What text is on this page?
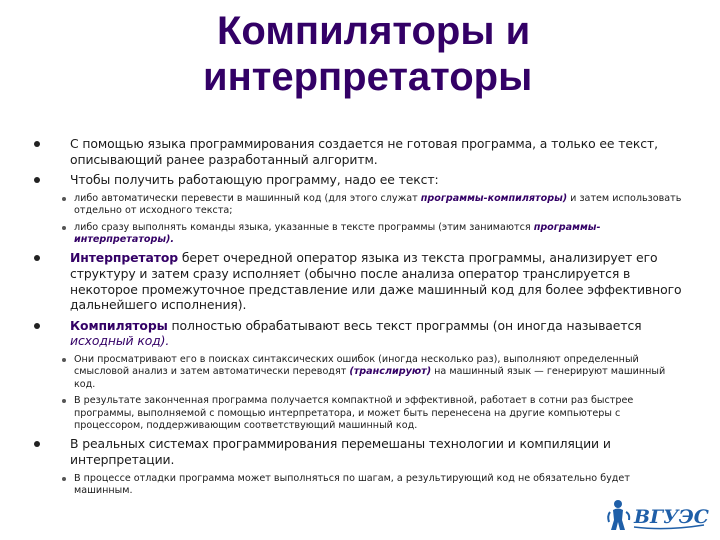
Компиляторы и
интерпретаторы
С помощью языка программирования создается не готовая программа, а только ее текст, описывающий ранее разработанный алгоритм.
Чтобы получить работающую программу, надо ее текст:
либо автоматически перевести в машинный код (для этого служат программы-компиляторы) и затем использовать отдельно от исходного текста;
либо сразу выполнять команды языка, указанные в тексте программы (этим занимаются программы-интерпретаторы).
Интерпретатор берет очередной оператор языка из текста программы, анализирует его структуру и затем сразу исполняет (обычно после анализа оператор транслируется в некоторое промежуточное представление или даже машинный код для более эффективного дальнейшего исполнения).
Компиляторы полностью обрабатывают весь текст программы (он иногда называется исходный код).
Они просматривают его в поисках синтаксических ошибок (иногда несколько раз), выполняют определенный смысловой анализ и затем автоматически переводят (транслируют) на машинный язык — генерируют машинный код.
В результате законченная программа получается компактной и эффективной, работает в сотни раз быстрее программы, выполняемой с помощью интерпретатора, и может быть перенесена на другие компьютеры с процессором, поддерживающим соответствующий машинный код.
В реальных системах программирования перемешаны технологии и компиляции и интерпретации.
В процессе отладки программа может выполняться по шагам, а результирующий код не обязательно будет машинным.
ВГУЭС
